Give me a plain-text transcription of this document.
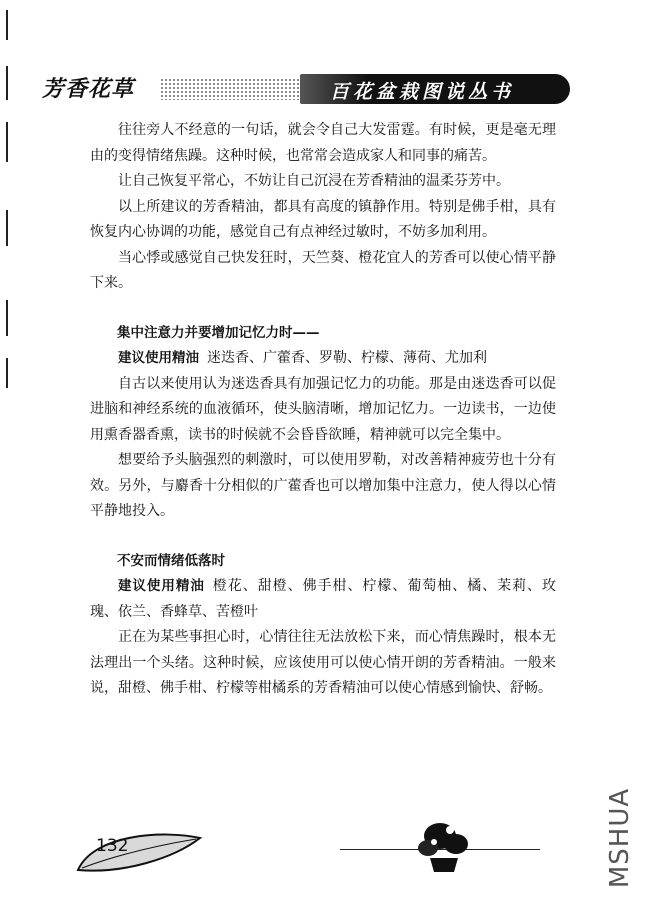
芳香花草	百花盆栽图说丛书

往往旁人不经意的一句话，就会令自己大发雷霆。有时候，更是毫无理由的变得情绪焦躁。这种时候，也常常会造成家人和同事的痛苦。

让自己恢复平常心，不妨让自己沉浸在芳香精油的温柔芬芳中。

以上所建议的芳香精油，都具有高度的镇静作用。特别是佛手柑，具有恢复内心协调的功能，感觉自己有点神经过敏时，不妨多加利用。

当心悸或感觉自己快发狂时，天竺葵、橙花宜人的芳香可以使心情平静下来。

集中注意力并要增加记忆力时——

建议使用精油 迷迭香、广藿香、罗勒、柠檬、薄荷、尤加利

自古以来使用认为迷迭香具有加强记忆力的功能。那是由迷迭香可以促进脑和神经系统的血液循环，使头脑清晰，增加记忆力。一边读书，一边使用熏香器香熏，读书的时候就不会昏昏欲睡，精神就可以完全集中。

想要给予头脑强烈的刺激时，可以使用罗勒，对改善精神疲劳也十分有效。另外，与麝香十分相似的广藿香也可以增加集中注意力，使人得以心情平静地投入。

不安而情绪低落时

建议使用精油 橙花、甜橙、佛手柑、柠檬、葡萄柚、橘、茉莉、玫瑰、依兰、香蜂草、苦橙叶

正在为某些事担心时，心情往往无法放松下来，而心情焦躁时，根本无法理出一个头绪。这种时候，应该使用可以使心情开朗的芳香精油。一般来说，甜橙、佛手柑、柠檬等柑橘系的芳香精油可以使心情感到愉快、舒畅。

132	MSHUA
